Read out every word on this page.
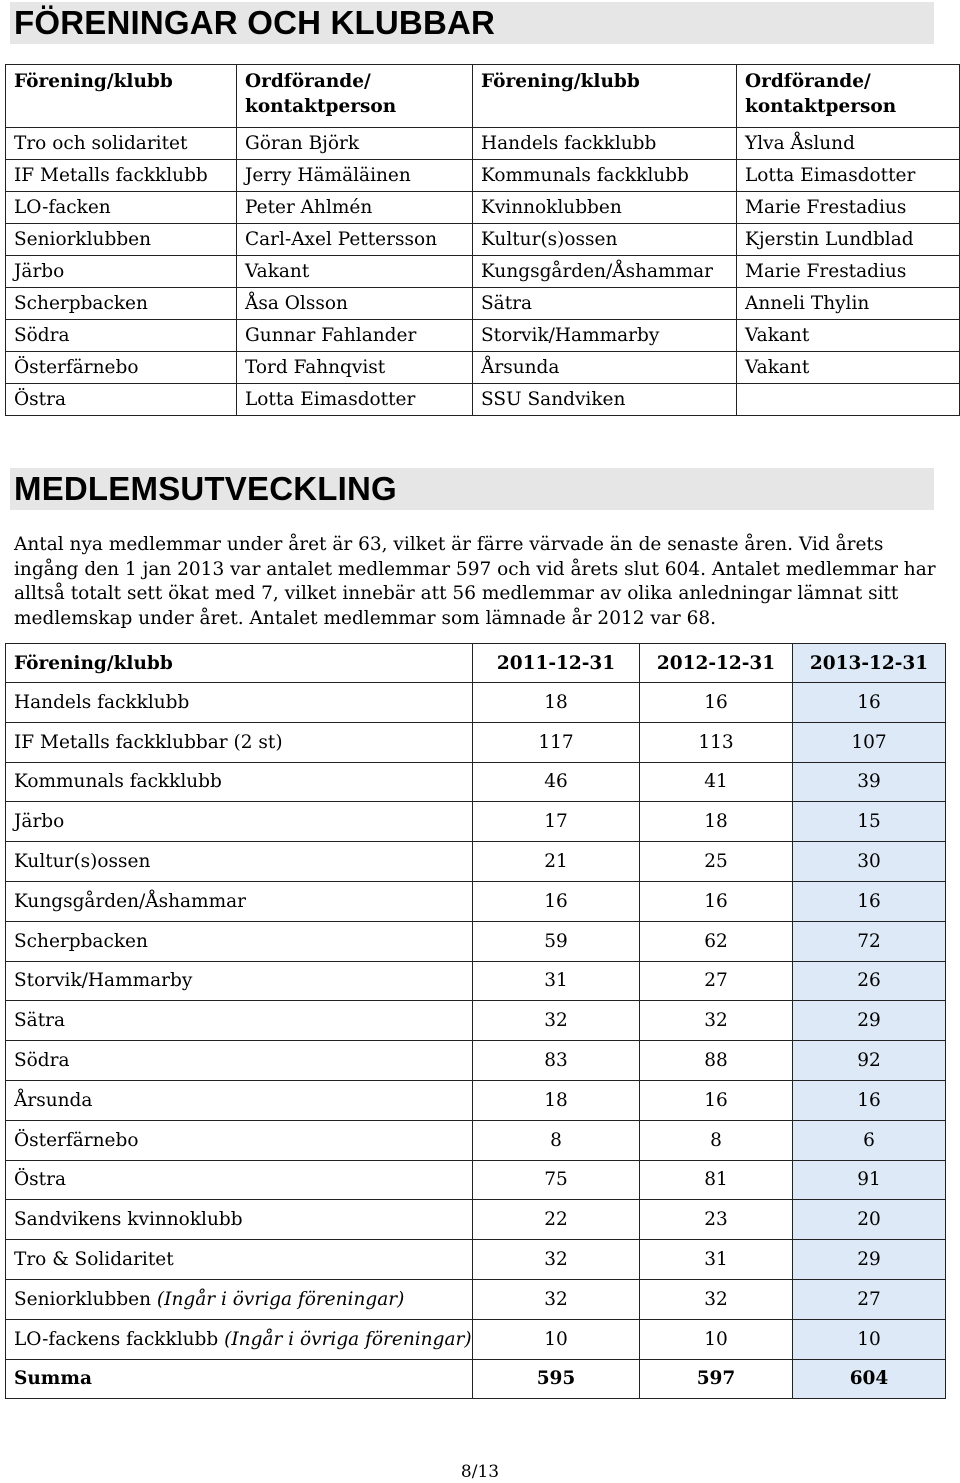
FÖRENINGAR OCH KLUBBAR
Förening/klubb	Ordförande/ kontaktperson	Förening/klubb	Ordförande/ kontaktperson
Tro och solidaritet	Göran Björk	Handels fackklubb	Ylva Åslund
IF Metalls fackklubb	Jerry Hämäläinen	Kommunals fackklubb	Lotta Eimasdotter
LO-facken	Peter Ahlmén	Kvinnoklubben	Marie Frestadius
Seniorklubben	Carl-Axel Pettersson	Kultur(s)ossen	Kjerstin Lundblad
Järbo	Vakant	Kungsgården/Åshammar	Marie Frestadius
Scherpbacken	Åsa Olsson	Sätra	Anneli Thylin
Södra	Gunnar Fahlander	Storvik/Hammarby	Vakant
Österfärnebo	Tord Fahnqvist	Årsunda	Vakant
Östra	Lotta Eimasdotter	SSU Sandviken	
MEDLEMSUTVECKLING

Antal nya medlemmar under året är 63, vilket är färre värvade än de senaste åren. Vid årets ingång den 1 jan 2013 var antalet medlemmar 597 och vid årets slut 604. Antalet medlemmar har alltså totalt sett ökat med 7, vilket innebär att 56 medlemmar av olika anledningar lämnat sitt medlemskap under året. Antalet medlemmar som lämnade år 2012 var 68.

Förening/klubb	2011-12-31	2012-12-31	2013-12-31
Handels fackklubb	18	16	16
IF Metalls fackklubbar (2 st)	117	113	107
Kommunals fackklubb	46	41	39
Järbo	17	18	15
Kultur(s)ossen	21	25	30
Kungsgården/Åshammar	16	16	16
Scherpbacken	59	62	72
Storvik/Hammarby	31	27	26
Sätra	32	32	29
Södra	83	88	92
Årsunda	18	16	16
Österfärnebo	8	8	6
Östra	75	81	91
Sandvikens kvinnoklubb	22	23	20
Tro & Solidaritet	32	31	29
Seniorklubben (Ingår i övriga föreningar)	32	32	27
LO-fackens fackklubb (Ingår i övriga föreningar)	10	10	10
Summa	595	597	604
8/13
